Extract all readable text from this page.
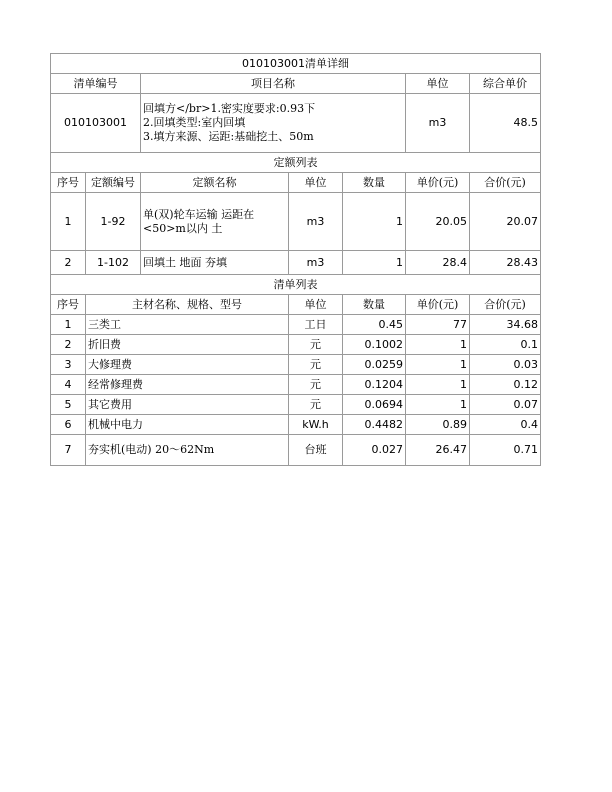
010103001清单详细						
清单编号		项目名称			单位	综合单价
010103001		回填方</br>1.密实度要求:0.93下
2.回填类型:室内回填
3.填方来源、运距:基础挖土、50m			m3	48.5
定额列表						
序号	定额编号	定额名称	单位	数量	单价(元)	合价(元)
1	1-92	单(双)轮车运输 运距在
<50>m以内 土	m3	1	20.05	20.07
2	1-102	回填土 地面 夯填	m3	1	28.4	28.43
清单列表						
序号	主材名称、规格、型号		单位	数量	单价(元)	合价(元)
1	三类工		工日	0.45	77	34.68
2	折旧费		元	0.1002	1	0.1
3	大修理费		元	0.0259	1	0.03
4	经常修理费		元	0.1204	1	0.12
5	其它费用		元	0.0694	1	0.07
6	机械中电力		kW.h	0.4482	0.89	0.4
7	夯实机(电动) 20～62Nm		台班	0.027	26.47	0.71
